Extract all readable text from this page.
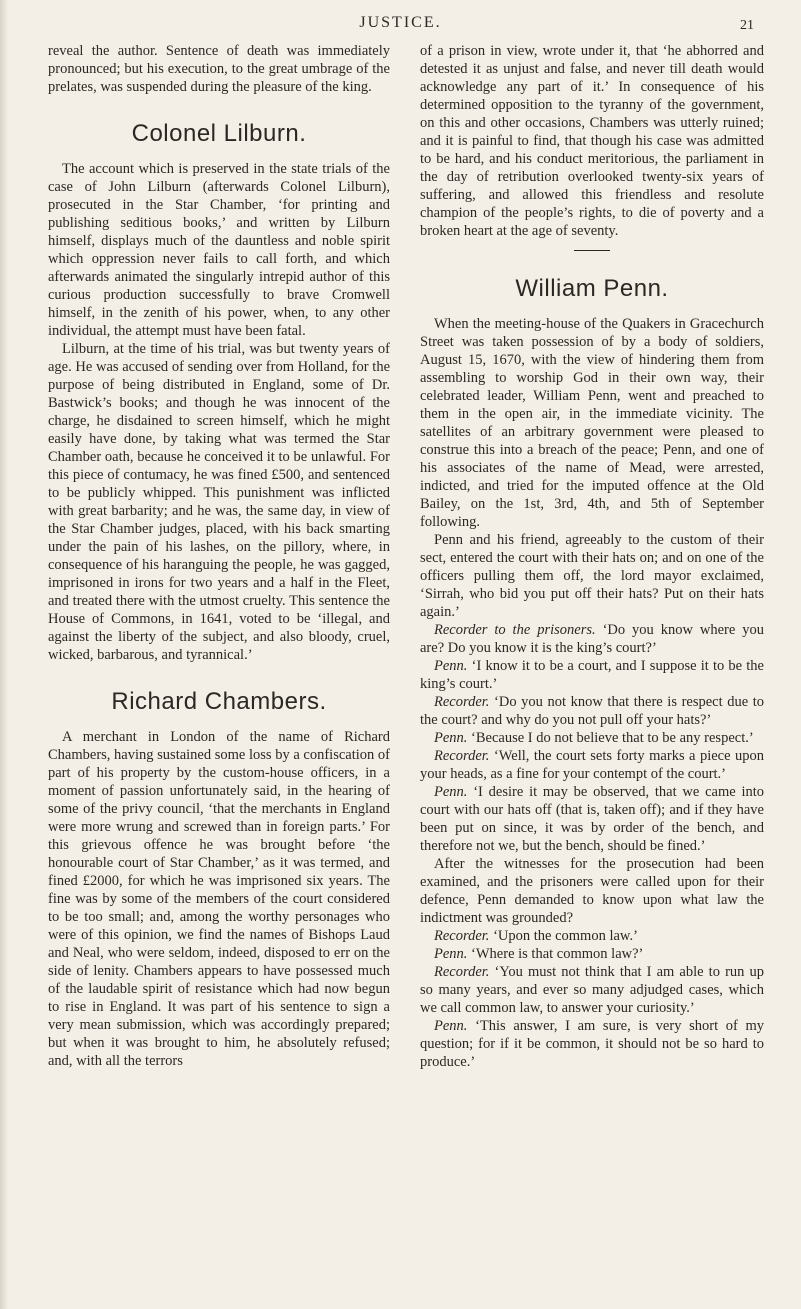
JUSTICE.	21

reveal the author. Sentence of death was immediately pronounced; but his execution, to the great umbrage of the prelates, was suspended during the pleasure of the king.

Colonel Lilburn.

The account which is preserved in the state trials of the case of John Lilburn (afterwards Colonel Lilburn), prosecuted in the Star Chamber, ‘for printing and publishing seditious books,’ and written by Lilburn himself, displays much of the dauntless and noble spirit which oppression never fails to call forth, and which afterwards animated the singularly intrepid author of this curious production successfully to brave Cromwell himself, in the zenith of his power, when, to any other individual, the attempt must have been fatal.

Lilburn, at the time of his trial, was but twenty years of age. He was accused of sending over from Holland, for the purpose of being distributed in England, some of Dr. Bastwick’s books; and though he was innocent of the charge, he disdained to screen himself, which he might easily have done, by taking what was termed the Star Chamber oath, because he conceived it to be unlawful. For this piece of contumacy, he was fined £500, and sentenced to be publicly whipped. This punishment was inflicted with great barbarity; and he was, the same day, in view of the Star Chamber judges, placed, with his back smarting under the pain of his lashes, on the pillory, where, in consequence of his haranguing the people, he was gagged, imprisoned in irons for two years and a half in the Fleet, and treated there with the utmost cruelty. This sentence the House of Commons, in 1641, voted to be ‘illegal, and against the liberty of the subject, and also bloody, cruel, wicked, barbarous, and tyrannical.’

Richard Chambers.

A merchant in London of the name of Richard Chambers, having sustained some loss by a confiscation of part of his property by the custom-house officers, in a moment of passion unfortunately said, in the hearing of some of the privy council, ‘that the merchants in England were more wrung and screwed than in foreign parts.’ For this grievous offence he was brought before ‘the honourable court of Star Chamber,’ as it was termed, and fined £2000, for which he was imprisoned six years. The fine was by some of the members of the court considered to be too small; and, among the worthy personages who were of this opinion, we find the names of Bishops Laud and Neal, who were seldom, indeed, disposed to err on the side of lenity. Chambers appears to have possessed much of the laudable spirit of resistance which had now begun to rise in England. It was part of his sentence to sign a very mean submission, which was accordingly prepared; but when it was brought to him, he absolutely refused; and, with all the terrors

of a prison in view, wrote under it, that ‘he abhorred and detested it as unjust and false, and never till death would acknowledge any part of it.’ In consequence of his determined opposition to the tyranny of the government, on this and other occasions, Chambers was utterly ruined; and it is painful to find, that though his case was admitted to be hard, and his conduct meritorious, the parliament in the day of retribution overlooked twenty-six years of suffering, and allowed this friendless and resolute champion of the people’s rights, to die of poverty and a broken heart at the age of seventy.

William Penn.

When the meeting-house of the Quakers in Gracechurch Street was taken possession of by a body of soldiers, August 15, 1670, with the view of hindering them from assembling to worship God in their own way, their celebrated leader, William Penn, went and preached to them in the open air, in the immediate vicinity. The satellites of an arbitrary government were pleased to construe this into a breach of the peace; Penn, and one of his associates of the name of Mead, were arrested, indicted, and tried for the imputed offence at the Old Bailey, on the 1st, 3rd, 4th, and 5th of September following.

Penn and his friend, agreeably to the custom of their sect, entered the court with their hats on; and on one of the officers pulling them off, the lord mayor exclaimed, ‘Sirrah, who bid you put off their hats? Put on their hats again.’

Recorder to the prisoners. ‘Do you know where you are? Do you know it is the king’s court?’

Penn. ‘I know it to be a court, and I suppose it to be the king’s court.’

Recorder. ‘Do you not know that there is respect due to the court? and why do you not pull off your hats?’

Penn. ‘Because I do not believe that to be any respect.’

Recorder. ‘Well, the court sets forty marks a piece upon your heads, as a fine for your contempt of the court.’

Penn. ‘I desire it may be observed, that we came into court with our hats off (that is, taken off); and if they have been put on since, it was by order of the bench, and therefore not we, but the bench, should be fined.’

After the witnesses for the prosecution had been examined, and the prisoners were called upon for their defence, Penn demanded to know upon what law the indictment was grounded?

Recorder. ‘Upon the common law.’

Penn. ‘Where is that common law?’

Recorder. ‘You must not think that I am able to run up so many years, and ever so many adjudged cases, which we call common law, to answer your curiosity.’

Penn. ‘This answer, I am sure, is very short of my question; for if it be common, it should not be so hard to produce.’
